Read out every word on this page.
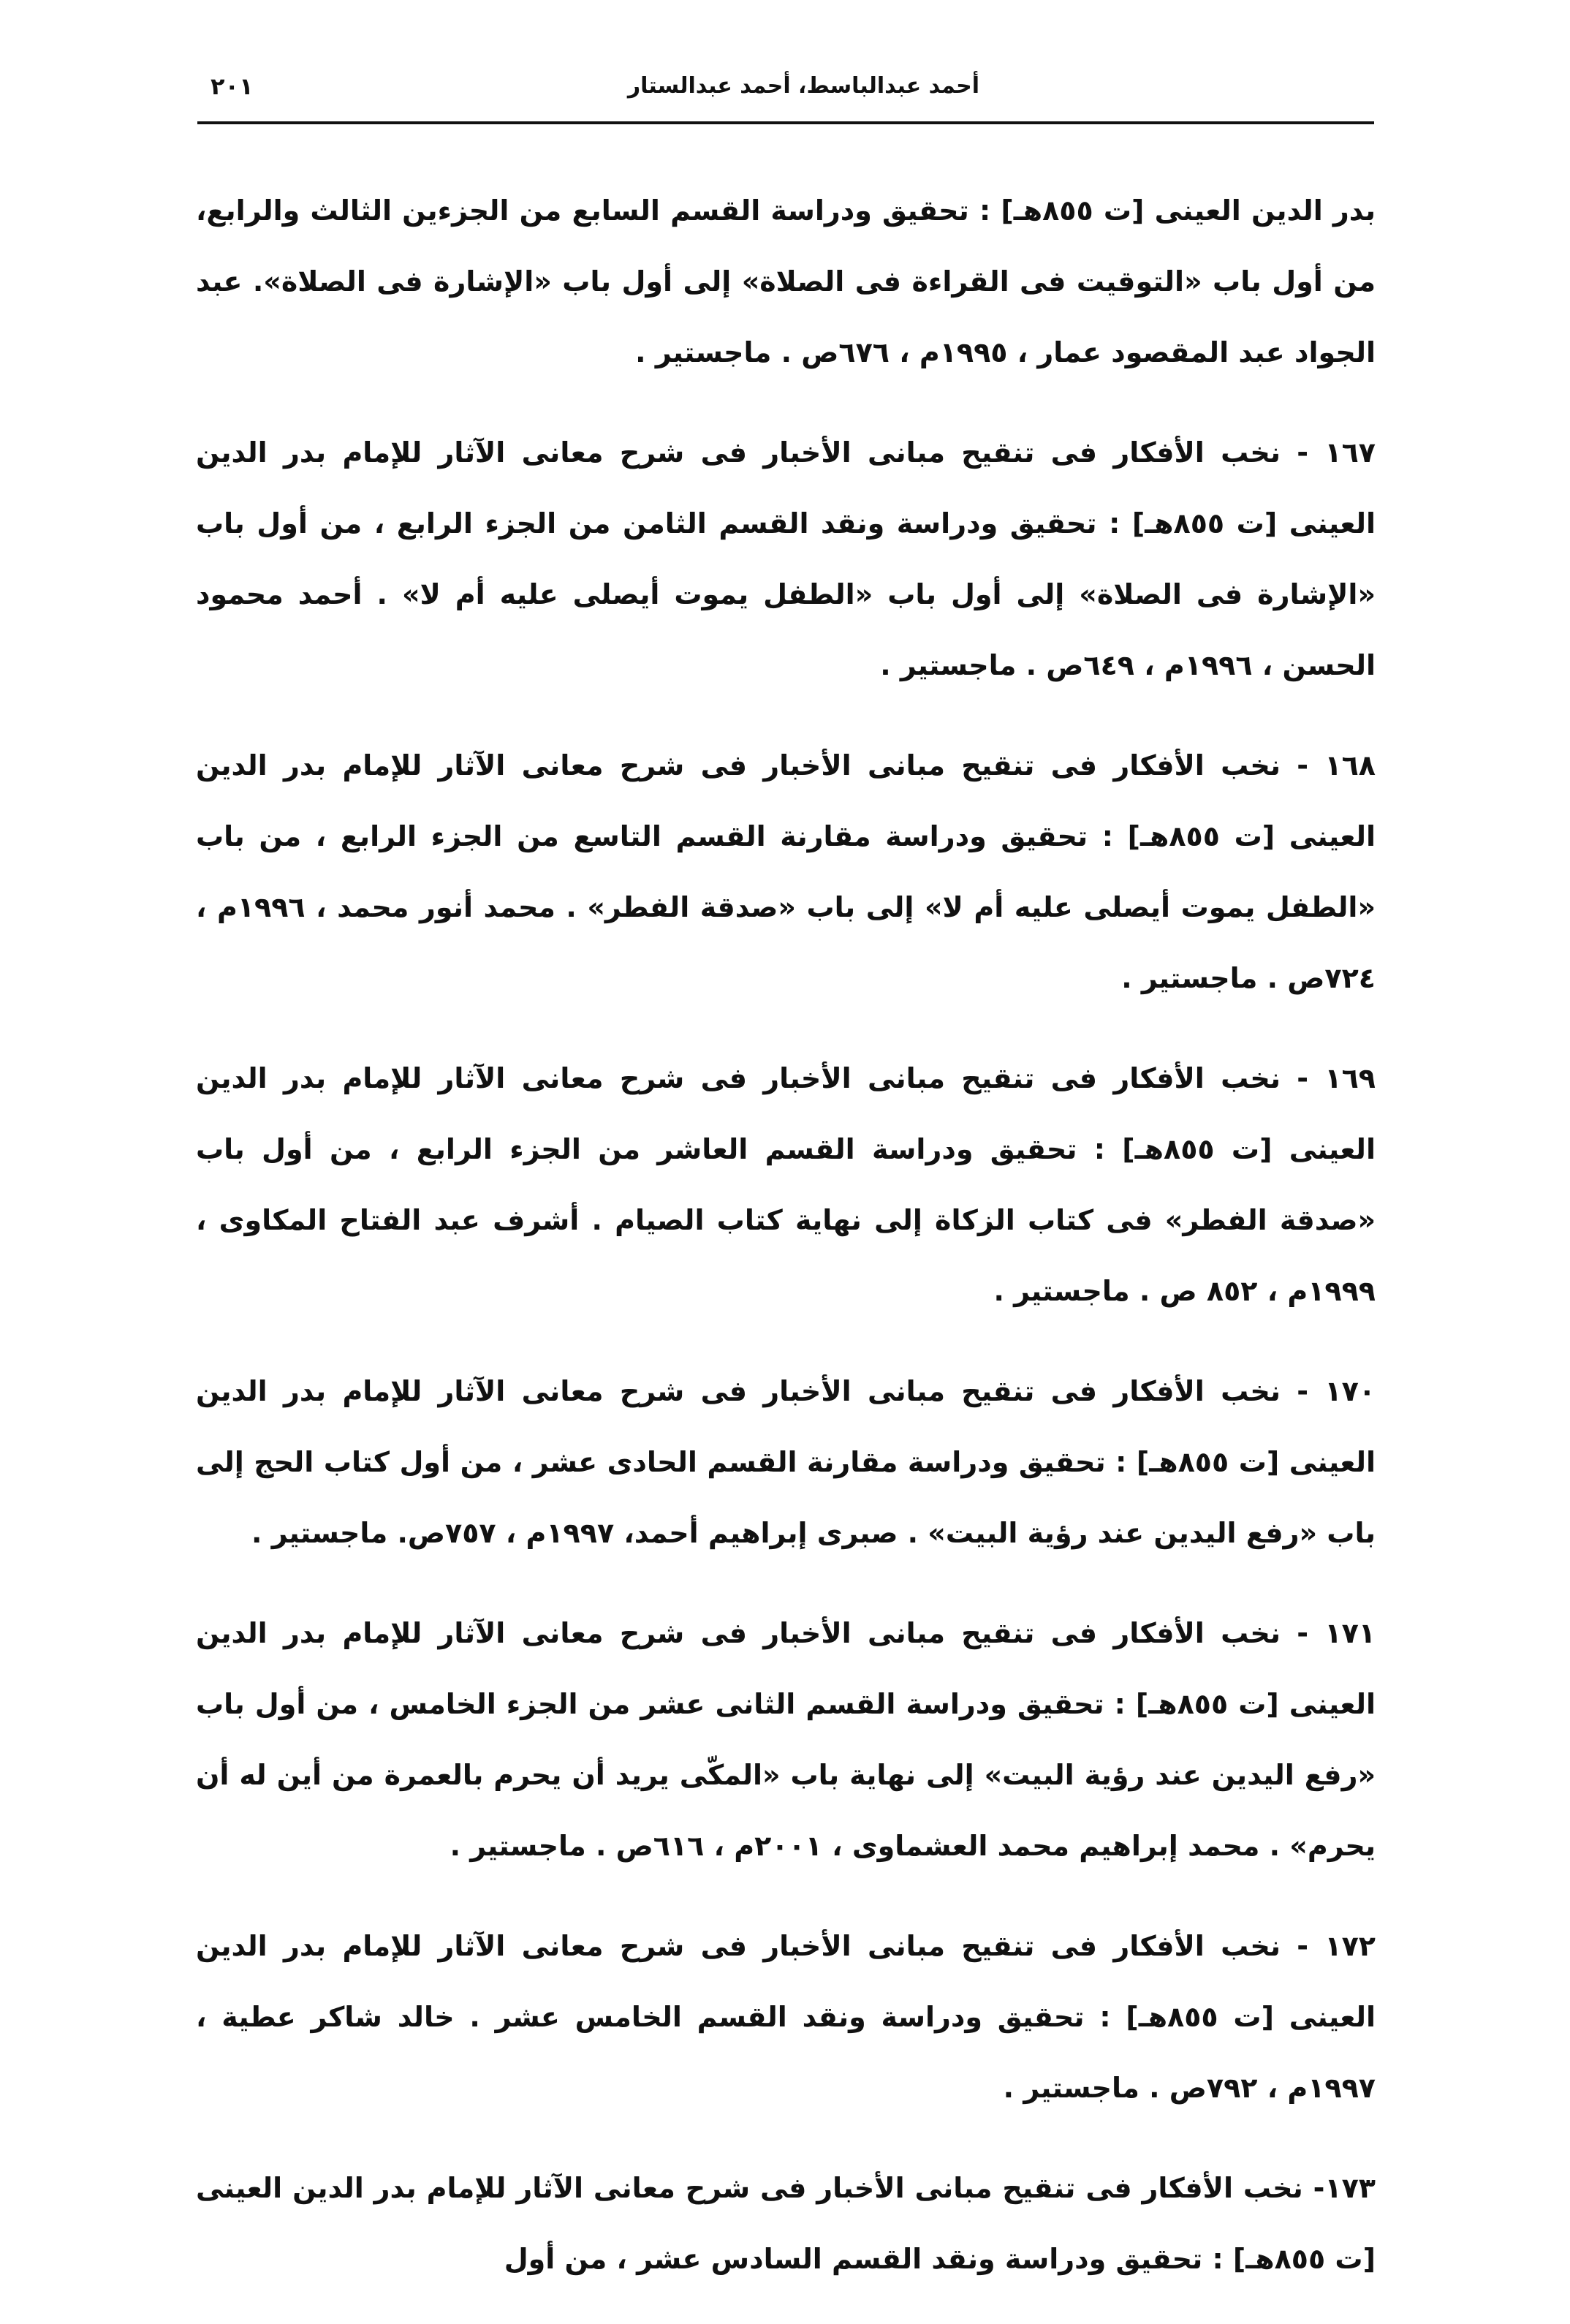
أحمد عبدالباسط، أحمد عبدالستار
٢٠١

بدر الدين العينى [ت ٨٥٥هـ] : تحقيق ودراسة القسم السابع من الجزءين الثالث والرابع، من أول باب «التوقيت فى القراءة فى الصلاة» إلى أول باب «الإشارة فى الصلاة». عبد الجواد عبد المقصود عمار ، ١٩٩٥م ، ٦٧٦ص . ماجستير .

١٦٧ - نخب الأفكار فى تنقيح مبانى الأخبار فى شرح معانى الآثار للإمام بدر الدين العينى [ت ٨٥٥هـ] : تحقيق ودراسة ونقد القسم الثامن من الجزء الرابع ، من أول باب «الإشارة فى الصلاة» إلى أول باب «الطفل يموت أيصلى عليه أم لا» . أحمد محمود الحسن ، ١٩٩٦م ، ٦٤٩ص . ماجستير .

١٦٨ - نخب الأفكار فى تنقيح مبانى الأخبار فى شرح معانى الآثار للإمام بدر الدين العينى [ت ٨٥٥هـ] : تحقيق ودراسة مقارنة القسم التاسع من الجزء الرابع ، من باب «الطفل يموت أيصلى عليه أم لا» إلى باب «صدقة الفطر» . محمد أنور محمد ، ١٩٩٦م ، ٧٢٤ص . ماجستير .

١٦٩ - نخب الأفكار فى تنقيح مبانى الأخبار فى شرح معانى الآثار للإمام بدر الدين العينى [ت ٨٥٥هـ] : تحقيق ودراسة القسم العاشر من الجزء الرابع ، من أول باب «صدقة الفطر» فى كتاب الزكاة إلى نهاية كتاب الصيام . أشرف عبد الفتاح المكاوى ، ١٩٩٩م ، ٨٥٢ ص . ماجستير .

١٧٠ - نخب الأفكار فى تنقيح مبانى الأخبار فى شرح معانى الآثار للإمام بدر الدين العينى [ت ٨٥٥هـ] : تحقيق ودراسة مقارنة القسم الحادى عشر ، من أول كتاب الحج إلى باب «رفع اليدين عند رؤية البيت» . صبرى إبراهيم أحمد، ١٩٩٧م ، ٧٥٧ص. ماجستير .

١٧١ - نخب الأفكار فى تنقيح مبانى الأخبار فى شرح معانى الآثار للإمام بدر الدين العينى [ت ٨٥٥هـ] : تحقيق ودراسة القسم الثانى عشر من الجزء الخامس ، من أول باب «رفع اليدين عند رؤية البيت» إلى نهاية باب «المكّى يريد أن يحرم بالعمرة من أين له أن يحرم» . محمد إبراهيم محمد العشماوى ، ٢٠٠١م ، ٦١٦ص . ماجستير .

١٧٢ - نخب الأفكار فى تنقيح مبانى الأخبار فى شرح معانى الآثار للإمام بدر الدين العينى [ت ٨٥٥هـ] : تحقيق ودراسة ونقد القسم الخامس عشر . خالد شاكر عطية ، ١٩٩٧م ، ٧٩٢ص . ماجستير .

١٧٣- نخب الأفكار فى تنقيح مبانى الأخبار فى شرح معانى الآثار للإمام بدر الدين العينى [ت ٨٥٥هـ] : تحقيق ودراسة ونقد القسم السادس عشر ، من أول
